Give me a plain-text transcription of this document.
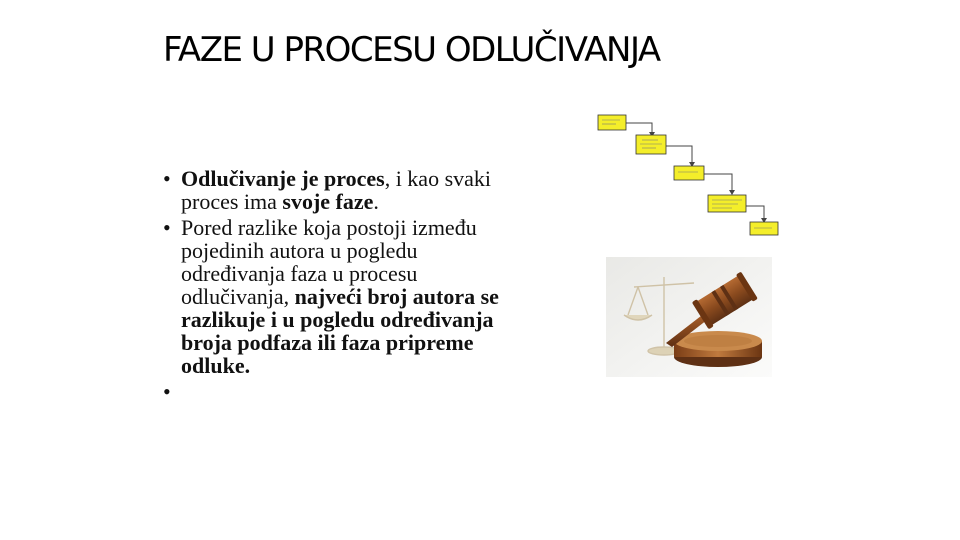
FAZE U PROCESU ODLUČIVANJA
• Odlučivanje je proces, i kao svaki proces ima svoje faze.

• Pored razlike koja postoji između pojedinih autora u pogledu određivanja faza u procesu odlučivanja, najveći broj autora se razlikuje i u pogledu određivanja broja podfaza ili faza pripreme odluke.

•
